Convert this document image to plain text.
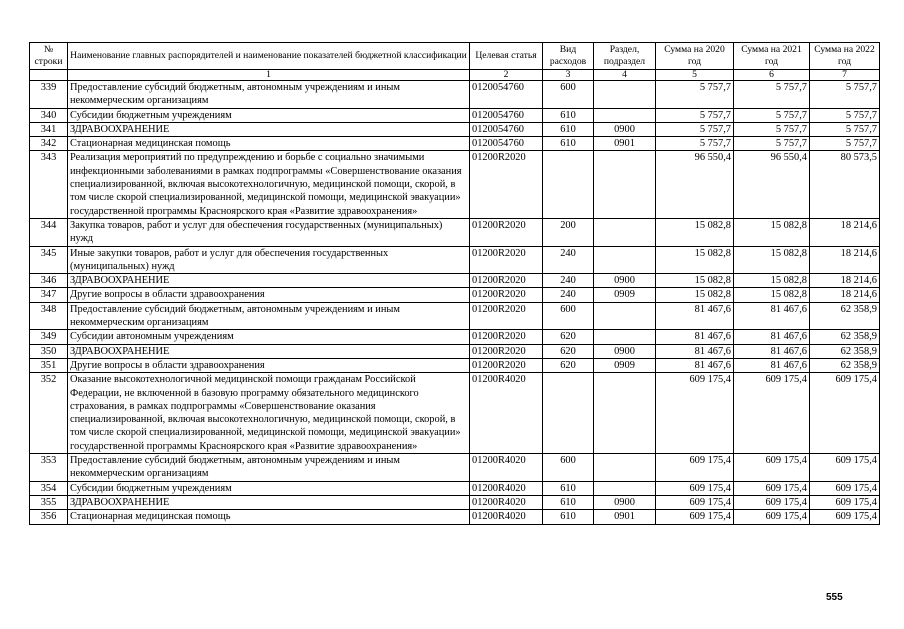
№ строки	Наименование главных распорядителей и наименование показателей бюджетной классификации	Целевая статья	Вид расходов	Раздел, подраздел	Сумма на 2020 год	Сумма на 2021 год	Сумма на 2022 год
	1	2	3	4	5	6	7
339	Предоставление субсидий бюджетным, автономным учреждениям и иным некоммерческим организациям	0120054760	600		5 757,7	5 757,7	5 757,7
340	Субсидии бюджетным учреждениям	0120054760	610		5 757,7	5 757,7	5 757,7
341	ЗДРАВООХРАНЕНИЕ	0120054760	610	0900	5 757,7	5 757,7	5 757,7
342	Стационарная медицинская помощь	0120054760	610	0901	5 757,7	5 757,7	5 757,7
343	Реализация мероприятий по предупреждению и борьбе с социально значимыми инфекционными заболеваниями в рамках подпрограммы «Совершенствование оказания специализированной, включая высокотехнологичную, медицинской помощи, скорой, в том числе скорой специализированной, медицинской помощи, медицинской эвакуации» государственной программы Красноярского края «Развитие здравоохранения»	01200R2020			96 550,4	96 550,4	80 573,5
344	Закупка товаров, работ и услуг для обеспечения государственных (муниципальных) нужд	01200R2020	200		15 082,8	15 082,8	18 214,6
345	Иные закупки товаров, работ и услуг для обеспечения государственных (муниципальных) нужд	01200R2020	240		15 082,8	15 082,8	18 214,6
346	ЗДРАВООХРАНЕНИЕ	01200R2020	240	0900	15 082,8	15 082,8	18 214,6
347	Другие вопросы в области здравоохранения	01200R2020	240	0909	15 082,8	15 082,8	18 214,6
348	Предоставление субсидий бюджетным, автономным учреждениям и иным некоммерческим организациям	01200R2020	600		81 467,6	81 467,6	62 358,9
349	Субсидии автономным учреждениям	01200R2020	620		81 467,6	81 467,6	62 358,9
350	ЗДРАВООХРАНЕНИЕ	01200R2020	620	0900	81 467,6	81 467,6	62 358,9
351	Другие вопросы в области здравоохранения	01200R2020	620	0909	81 467,6	81 467,6	62 358,9
352	Оказание высокотехнологичной медицинской помощи гражданам Российской Федерации, не включенной в базовую программу обязательного медицинского страхования, в рамках подпрограммы «Совершенствование оказания специализированной, включая высокотехнологичную, медицинской помощи, скорой, в том числе скорой специализированной, медицинской помощи, медицинской эвакуации» государственной программы Красноярского края «Развитие здравоохранения»	01200R4020			609 175,4	609 175,4	609 175,4
353	Предоставление субсидий бюджетным, автономным учреждениям и иным некоммерческим организациям	01200R4020	600		609 175,4	609 175,4	609 175,4
354	Субсидии бюджетным учреждениям	01200R4020	610		609 175,4	609 175,4	609 175,4
355	ЗДРАВООХРАНЕНИЕ	01200R4020	610	0900	609 175,4	609 175,4	609 175,4
356	Стационарная медицинская помощь	01200R4020	610	0901	609 175,4	609 175,4	609 175,4
555
